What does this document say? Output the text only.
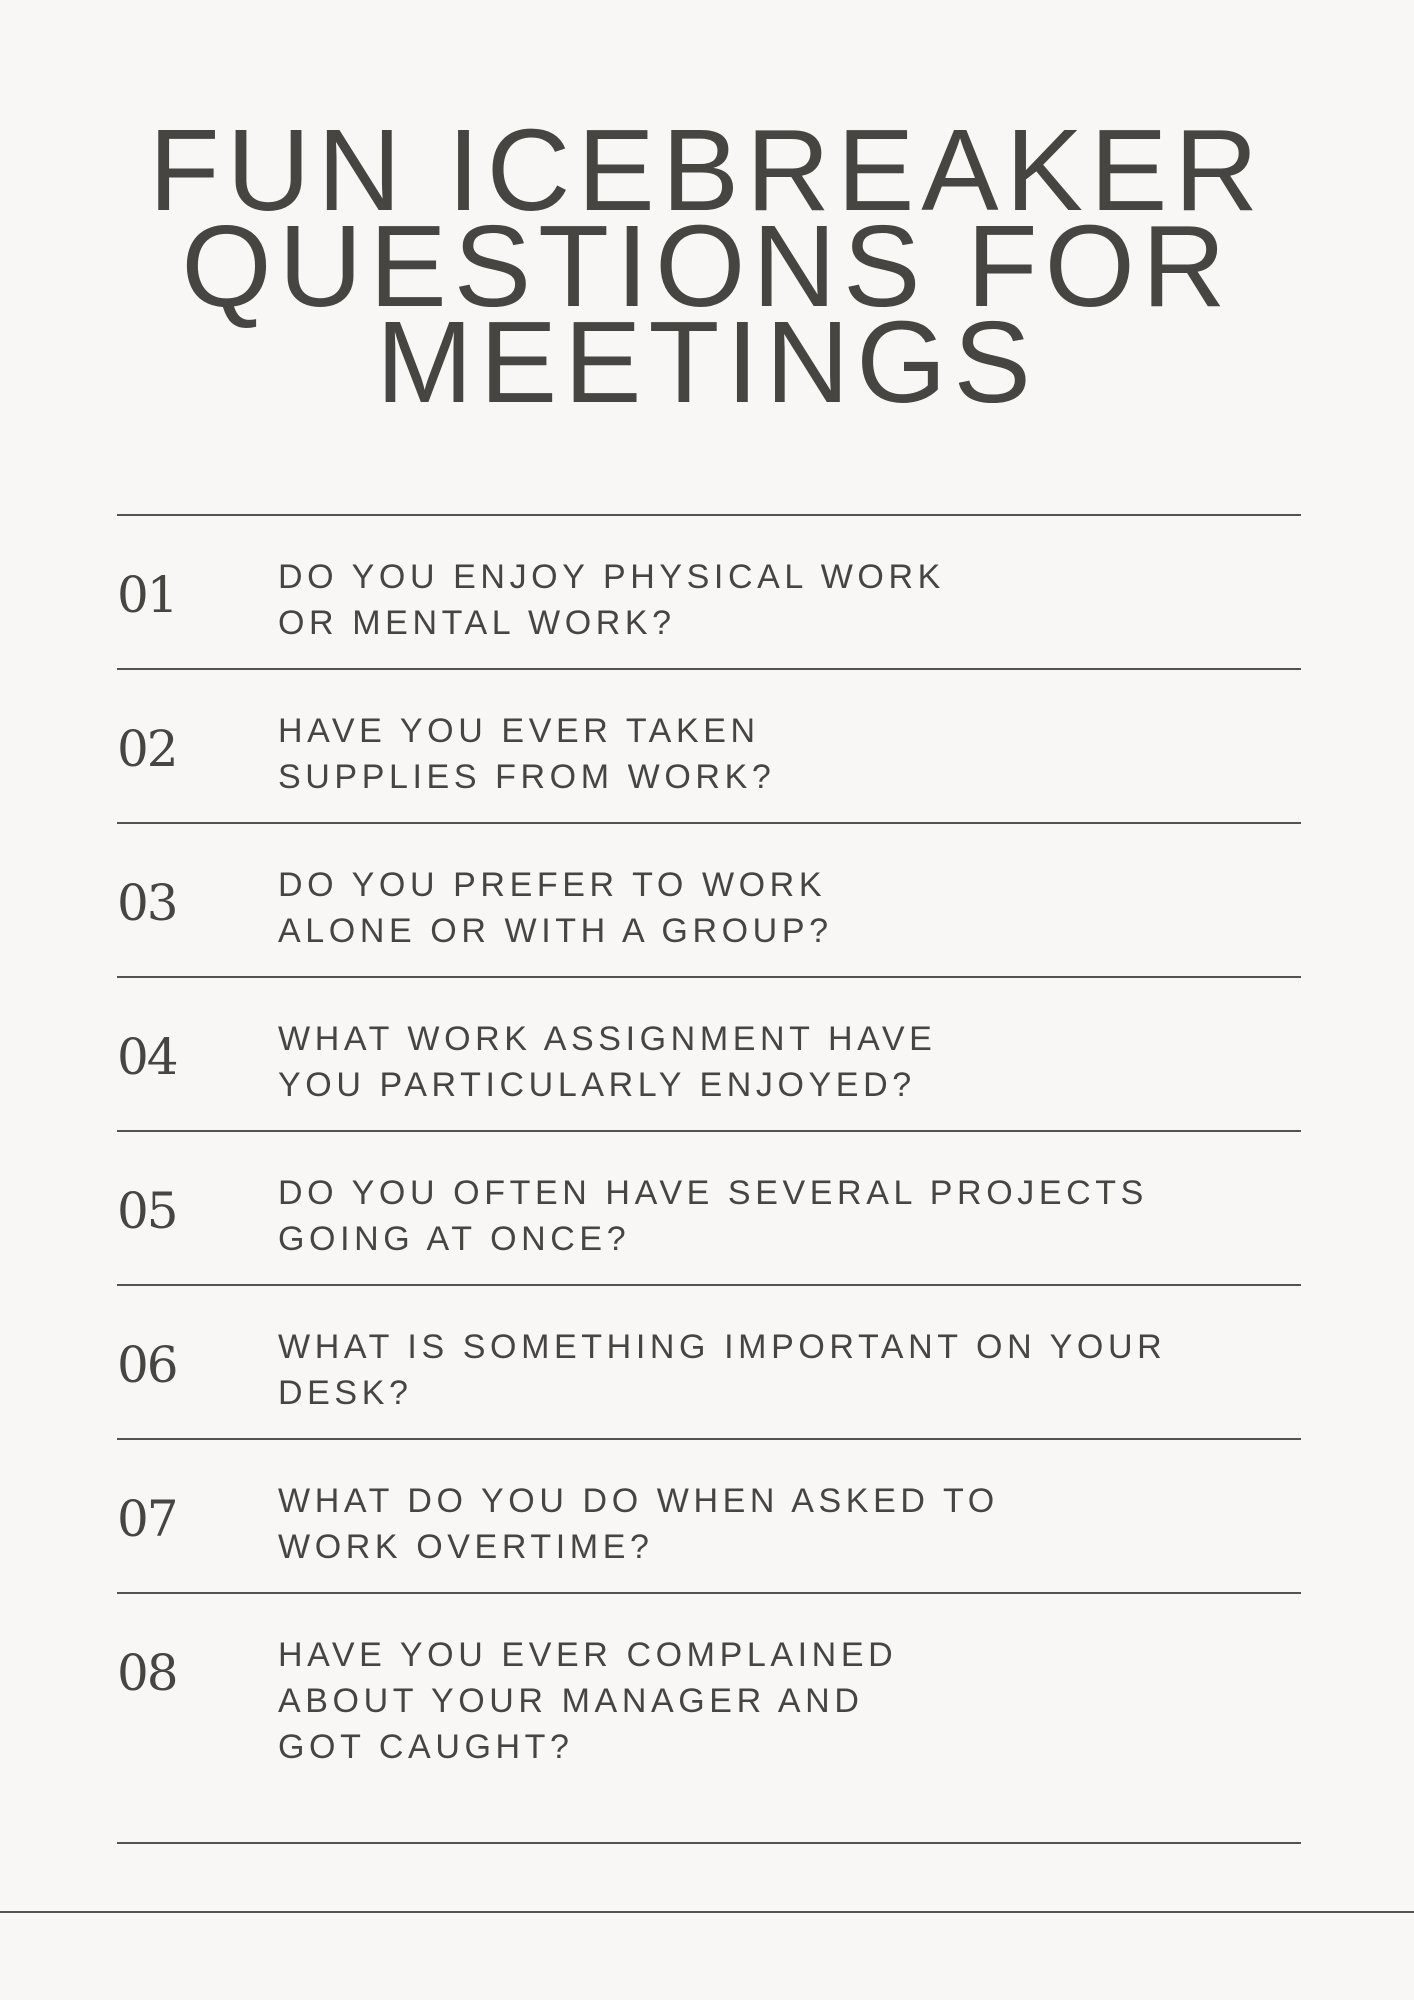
FUN ICEBREAKER
QUESTIONS FOR
MEETINGS
01	DO YOU ENJOY PHYSICAL WORK
OR MENTAL WORK?
02	HAVE YOU EVER TAKEN
SUPPLIES FROM WORK?
03	DO YOU PREFER TO WORK
ALONE OR WITH A GROUP?
04	WHAT WORK ASSIGNMENT HAVE
YOU PARTICULARLY ENJOYED?
05	DO YOU OFTEN HAVE SEVERAL PROJECTS
GOING AT ONCE?
06	WHAT IS SOMETHING IMPORTANT ON YOUR
DESK?
07	WHAT DO YOU DO WHEN ASKED TO
WORK OVERTIME?
08	HAVE YOU EVER COMPLAINED
ABOUT YOUR MANAGER AND
GOT CAUGHT?
